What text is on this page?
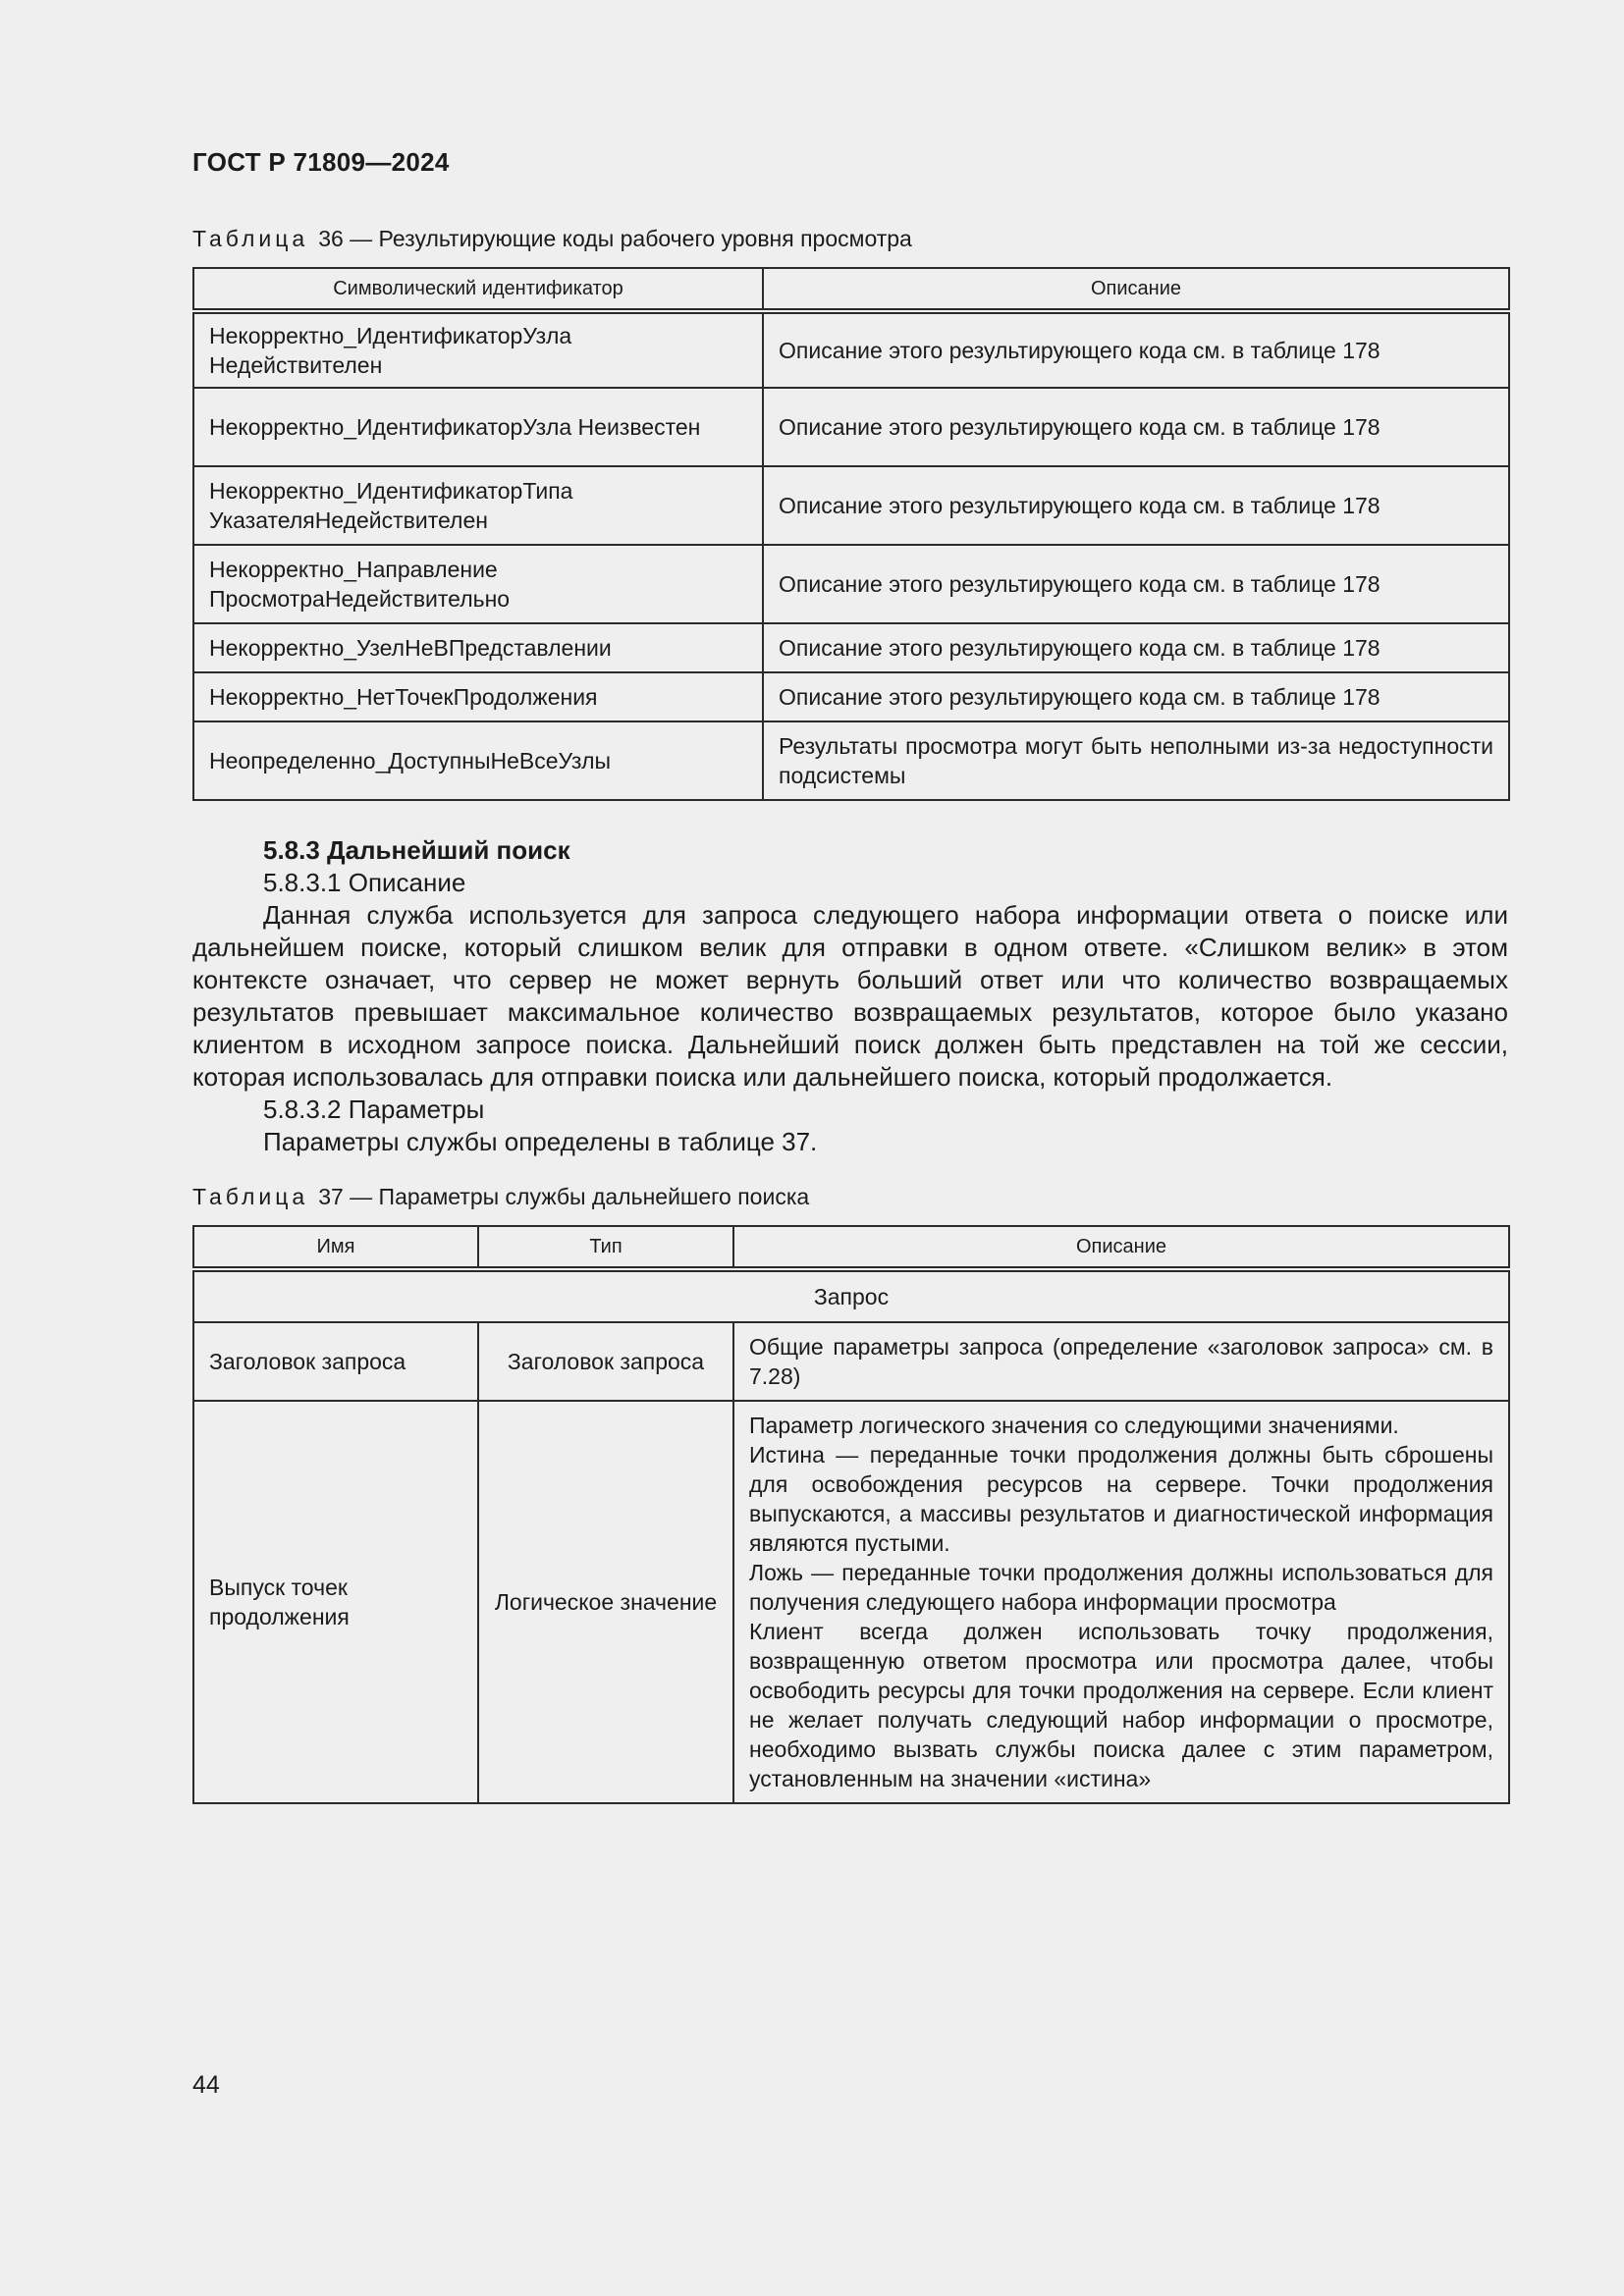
ГОСТ Р 71809—2024
Таблица 36 — Результирующие коды рабочего уровня просмотра
Символический идентификатор	Описание
Некорректно_ИдентификаторУзла Недействителен	Описание этого результирующего кода см. в таблице 178
Некорректно_ИдентификаторУзла Неизвестен	Описание этого результирующего кода см. в таблице 178
Некорректно_ИдентификаторТипа УказателяНедействителен	Описание этого результирующего кода см. в таблице 178
Некорректно_Направление ПросмотраНедействительно	Описание этого результирующего кода см. в таблице 178
Некорректно_УзелНеВПредставлении	Описание этого результирующего кода см. в таблице 178
Некорректно_НетТочекПродолжения	Описание этого результирующего кода см. в таблице 178
Неопределенно_ДоступныНеВсеУзлы	Результаты просмотра могут быть неполными из-за недоступности подсистемы

5.8.3 Дальнейший поиск

5.8.3.1 Описание

Данная служба используется для запроса следующего набора информации ответа о поиске или дальнейшем поиске, который слишком велик для отправки в одном ответе. «Слишком велик» в этом контексте означает, что сервер не может вернуть больший ответ или что количество возвращаемых результатов превышает максимальное количество возвращаемых результатов, которое было указано клиентом в исходном запросе поиска. Дальнейший поиск должен быть представлен на той же сессии, которая использовалась для отправки поиска или дальнейшего поиска, который продолжается.

5.8.3.2 Параметры

Параметры службы определены в таблице 37.

Таблица 37 — Параметры службы дальнейшего поиска
Имя	Тип	Описание
Запрос		
Заголовок запроса	Заголовок запроса	Общие параметры запроса (определение «заголовок запроса» см. в 7.28)
Выпуск точек продолжения	Логическое значение	Параметр логического значения со следующими значениями.
Истина — переданные точки продолжения должны быть сброшены для освобождения ресурсов на сервере. Точки продолжения выпускаются, а массивы результатов и диагностической информация являются пустыми.
Ложь — переданные точки продолжения должны использоваться для получения следующего набора информации просмотра
Клиент всегда должен использовать точку продолжения, возвращенную ответом просмотра или просмотра далее, чтобы освободить ресурсы для точки продолжения на сервере. Если клиент не желает получать следующий набор информации о просмотре, необходимо вызвать службы поиска далее с этим параметром, установленным на значении «истина»
44
